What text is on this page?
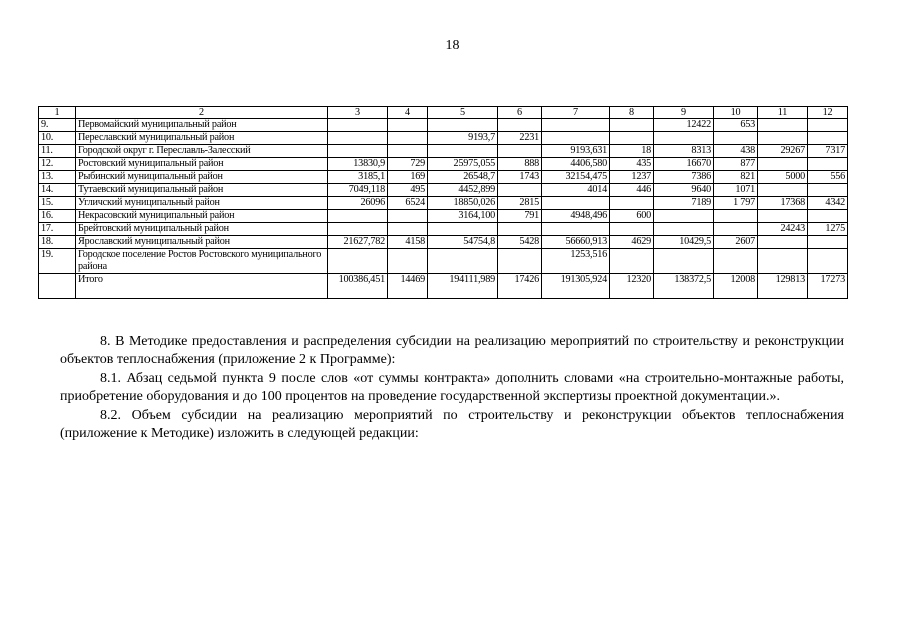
18
1	2	3	4	5	6	7	8	9	10	11	12
9.	Первомайский муниципальный район							12422	653		
10.	Переславский муниципальный район			9193,7	2231						
11.	Городской округ г. Переславль-Залесский					9193,631	18	8313	438	29267	7317
12.	Ростовский муниципальный район	13830,9	729	25975,055	888	4406,580	435	16670	877		
13.	Рыбинский муниципальный район	3185,1	169	26548,7	1743	32154,475	1237	7386	821	5000	556
14.	Тутаевский муниципальный район	7049,118	495	4452,899		4014	446	9640	1071		
15.	Угличский муниципальный район	26096	6524	18850,026	2815			7189	1 797	17368	4342
16.	Некрасовский муниципальный район			3164,100	791	4948,496	600				
17.	Брейтовский муниципальный район									24243	1275
18.	Ярославский муниципальный район	21627,782	4158	54754,8	5428	56660,913	4629	10429,5	2607		
19.	Городское поселение Ростов Ростовского муниципального района					1253,516					
	Итого	100386,451	14469	194111,989	17426	191305,924	12320	138372,5	12008	129813	17273

8. В Методике предоставления и распределения субсидии на реализацию мероприятий по строительству и реконструкции объектов теплоснабжения (приложение 2 к Программе):

8.1. Абзац седьмой пункта 9 после слов «от суммы контракта» дополнить словами «на строительно-монтажные работы, приобретение оборудования и до 100 процентов на проведение государственной экспертизы проектной документации.».

8.2. Объем субсидии на реализацию мероприятий по строительству и реконструкции объектов теплоснабжения (приложение к Методике) изложить в следующей редакции:
